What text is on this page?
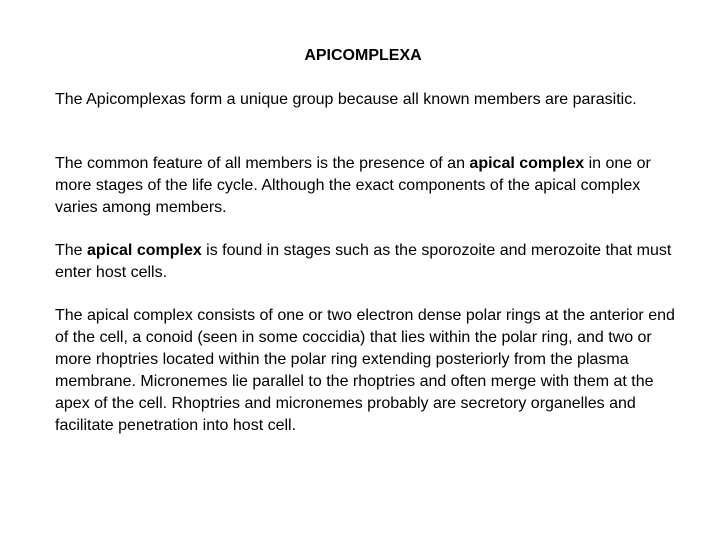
APICOMPLEXA

The Apicomplexas form a unique group because all known members are parasitic.

The common feature of all members is the presence of an apical complex in one or more stages of the life cycle. Although the exact components of the apical complex varies among members.

The apical complex is found in stages such as the sporozoite and merozoite that must enter host cells.

The apical complex consists of one or two electron dense polar rings at the anterior end of the cell, a conoid (seen in some coccidia) that lies within the polar ring, and two or more rhoptries located within the polar ring extending posteriorly from the plasma membrane. Micronemes lie parallel to the rhoptries and often merge with them at the apex of the cell. Rhoptries and micronemes probably are secretory organelles and facilitate penetration into host cell.
